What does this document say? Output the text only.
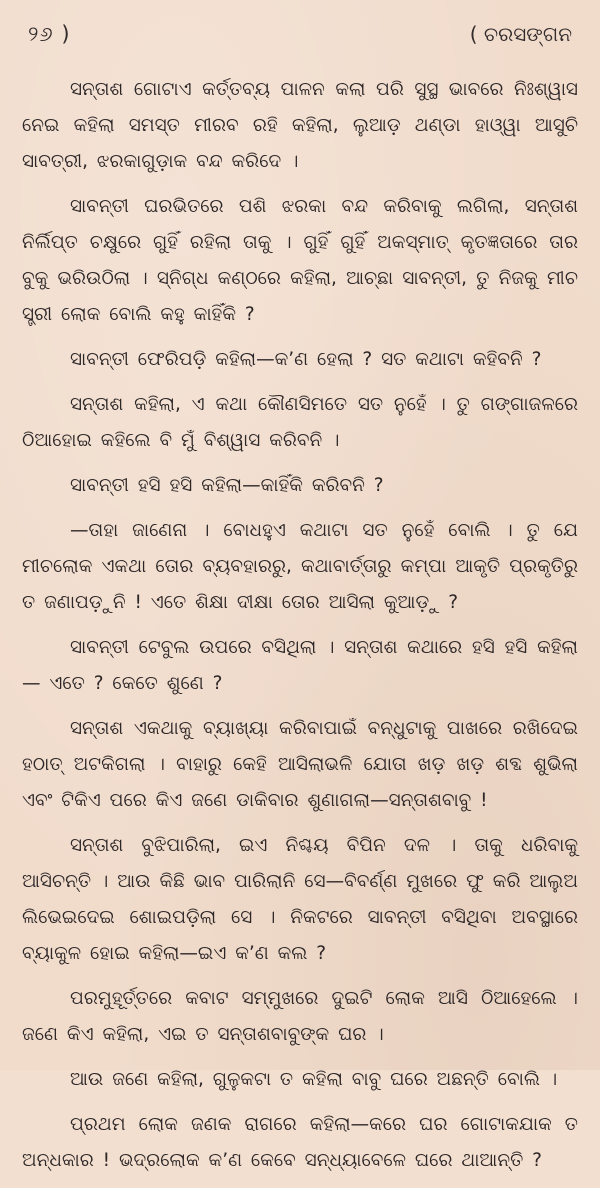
୨୬ )	( ଚରସଙ୍ଗନ

ସନ୍ତାଶ ଗୋଟାଏ କର୍ତ୍ତବ୍ୟ ପାଳନ କଲା ପରି ସୁସ୍ଥ ଭାବରେ ନିଃଶ୍ୱାସ ନେଇ କହିଲା ସମସ୍ତ ମୀରବ ରହି କହିଲା, ଲୁଆଡ଼ ଥଣ୍ଡା ହାଓ୍ୱା ଆସୁଚି ସାବତ୍ରୀ, ଝରକାଗୁଡ଼ାକ ବନ୍ଦ କରିଦେ ।

ସାବନ୍ତୀ ଘରଭିତରେ ପଶି ଝରକା ବନ୍ଦ କରିବାକୁ ଲଗିଲା, ସନ୍ତାଶ ନିର୍ଲିପ୍ତ ଚକ୍ଷୁରେ ଗୁହିଁ ରହିଲା ତାକୁ । ଗୁହିଁ ଗୁହିଁ ଅକସ୍ମାତ୍ କୃତଜ୍ଞତାରେ ତାର ବୁକୁ ଭରିଉଠିଲା । ସ୍ନିଗ୍ଧ କଣ୍ଠରେ କହିଲା, ଆଚ୍ଛା ସାବନ୍ତୀ, ତୁ ନିଜକୁ ମୀଚ ସ୍ତ୍ରୀ ଲୋକ ବୋଲି କହୁ କାହିଁକି ?

ସାବନ୍ତୀ ଫେରିପଡ଼ି କହିଲା—କ’ଣ ହେଲା ? ସତ କଥାଟା କହିବନି ?

ସନ୍ତାଶ କହିଲା, ଏ କଥା କୌଣସିମତେ ସତ ନୁହେଁ । ତୁ ଗଙ୍ଗାଜଳରେ ଠିଆହୋଇ କହିଲେ ବି ମୁଁ ବିଶ୍ୱାସ କରିବନି ।

ସାବନ୍ତୀ ହସି ହସି କହିଲା—କାହିଁକି କରିବନି ?

—ତାହା ଜାଣେନା । ବୋଧହୁଏ କଥାଟା ସତ ନୁହେଁ ବୋଲି । ତୁ ଯେ ମୀଚଲୋକ ଏକଥା ତୋର ବ୍ୟବହାରରୁ, କଥାବାର୍ତ୍ତାରୁ କମ୍ପା ଆକୃତି ପ୍ରକୃତିରୁ ତ ଜଣାପଡ଼ୁନି ! ଏତେ ଶିକ୍ଷା ଦୀକ୍ଷା ତୋର ଆସିଲା କୁଆଡ଼ୁ ?

ସାବନ୍ତୀ ଟେବୁଲ ଉପରେ ବସିଥିଲା । ସନ୍ତାଶ କଥାରେ ହସି ହସି କହିଲା— ଏତେ ? କେତେ ଶୁଣେ ?

ସନ୍ତାଶ ଏକଥାକୁ ବ୍ୟାଖ୍ୟା କରିବାପାଇଁ ବନ୍ଧୁଟାକୁ ପାଖରେ ରଖିଦେଇ ହଠାତ୍ ଅଟକିଗଲା । ବାହାରୁ କେହି ଆସିଲାଭଳି ଯୋତା ଖଡ଼ ଖଡ଼ ଶବ୍ଦ ଶୁଭିଲା ଏବଂ ଟିକିଏ ପରେ କିଏ ଜଣେ ଡାକିବାର ଶୁଣାଗଲା—ସନ୍ତାଶବାବୁ !

ସନ୍ତାଶ ବୁଝିପାରିଲା, ଇଏ ନିଶ୍ଚୟ ବିପିନ ଦଳ । ତାକୁ ଧରିବାକୁ ଆସିଚନ୍ତି । ଆଉ କିଛି ଭାବ ପାରିଲାନି ସେ—ବିବର୍ଣ୍ଣ ମୁଖରେ ଫୁ କରି ଆଲୁଅ ଲିଭେଇଦେଇ ଶୋଇପଡ଼ିଲା ସେ । ନିକଟରେ ସାବନ୍ତୀ ବସିଥିବା ଅବସ୍ଥାରେ ବ୍ୟାକୁଳ ହୋଇ କହିଲା—ଇଏ କ’ଣ କଲ ?

ପରମୁହୂର୍ତ୍ତରେ କବାଟ ସମ୍ମୁଖରେ ଦୁଇଟି ଲୋକ ଆସି ଠିଆହେଲେ । ଜଣେ କିଏ କହିଲା, ଏଇ ତ ସନ୍ତାଶବାବୁଙ୍କ ଘର ।

ଆଉ ଜଣେ କହିଲା, ଗୁଳୁକଟା ତ କହିଲା ବାବୁ ଘରେ ଅଛନ୍ତି ବୋଲି ।

ପ୍ରଥମ ଲୋକ ଜଣକ ରାଗରେ କହିଲା—କରେ ଘର ଗୋଟାକଯାକ ତ ଅନ୍ଧକାର ! ଭଦ୍ରଲୋକ କ’ଣ କେବେ ସନ୍ଧ୍ୟାବେଳେ ଘରେ ଥାଆନ୍ତି ?
